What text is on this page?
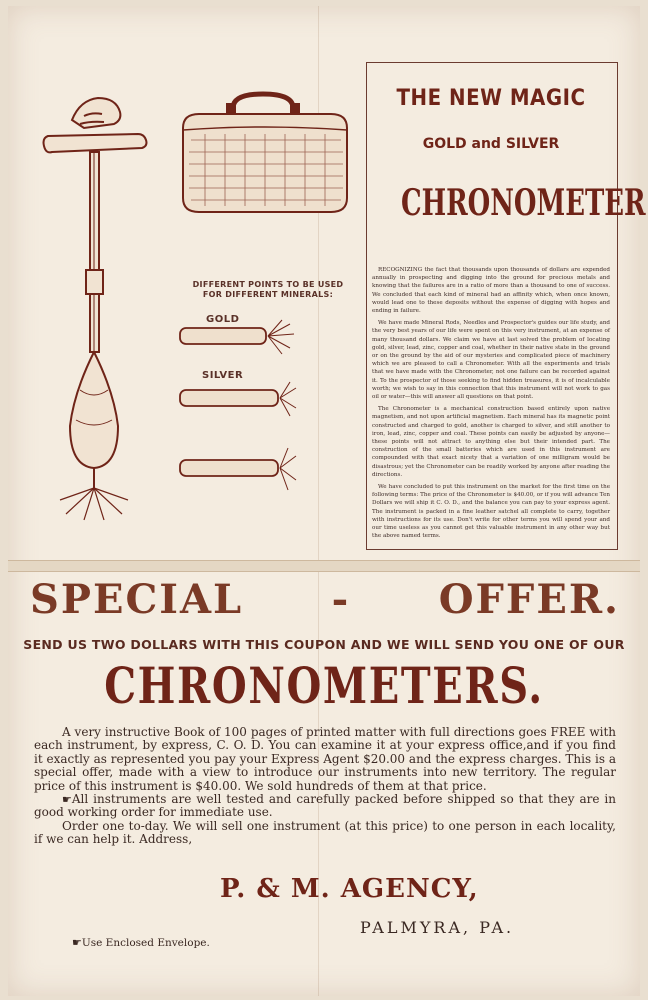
DIFFERENT POINTS TO BE USED
FOR DIFFERENT MINERALS:
GOLD
SILVER
THE NEW MAGIC
GOLD and SILVER
CHRONOMETER

RECOGNIZING the fact that thousands upon thousands of dollars are expended annually in prospecting and digging into the ground for precious metals and knowing that the failures are in a ratio of more than a thousand to one of success. We concluded that each kind of mineral had an affinity which, when once known, would lead one to these deposits without the expense of digging with hopes and ending in failure.

We have made Mineral Rods, Needles and Prospector's guides our life study, and the very best years of our life were spent on this very instrument, at an expense of many thousand dollars. We claim we have at last solved the problem of locating gold, silver, lead, zinc, copper and coal, whether in their native state in the ground or on the ground by the aid of our mysteries and complicated piece of machinery which we are pleased to call a Chronometer. With all the experiments and trials that we have made with the Chronometer, not one failure can be recorded against it. To the prospector of those seeking to find hidden treasures, it is of incalculable worth; we wish to say in this connection that this instrument will not work to gas oil or water—this will answer all questions on that point.

The Chronometer is a mechanical construction based entirely upon native magnetism, and not upon artificial magnetism. Each mineral has its magnetic point constructed and charged to gold, another is charged to silver, and still another to iron, lead, zinc, copper and coal. These points can easily be adjusted by anyone—these points will not attract to anything else but their intended part. The construction of the small batteries which are used in this instrument are compounded with that exact nicety that a variation of one milligram would be disastrous; yet the Chronometer can be readily worked by anyone after reading the directions.

We have concluded to put this instrument on the market for the first time on the following terms: The price of the Chronometer is $40.00, or if you will advance Ten Dollars we will ship it C. O. D., and the balance you can pay to your express agent. The instrument is packed in a fine leather satchel all complete to carry, together with instructions for its use. Don't write for other terms you will spend your and our time useless as you cannot get this valuable instrument in any other way but the above named terms.

SPECIAL - OFFER.
SEND US TWO DOLLARS WITH THIS COUPON AND WE WILL SEND YOU ONE OF OUR
CHRONOMETERS.

A very instructive Book of 100 pages of printed matter with full directions goes FREE with each instrument, by express, C. O. D. You can examine it at your express office,and if you find it exactly as represented you pay your Express Agent $20.00 and the express charges. This is a special offer, made with a view to introduce our instruments into new territory. The regular price of this instrument is $40.00. We sold hundreds of them at that price.

☛All instruments are well tested and carefully packed before shipped so that they are in good working order for immediate use.

Order one to-day. We will sell one instrument (at this price) to one person in each locality, if we can help it. Address,

P. & M. AGENCY,
PALMYRA, PA.
☛Use Enclosed Envelope.
